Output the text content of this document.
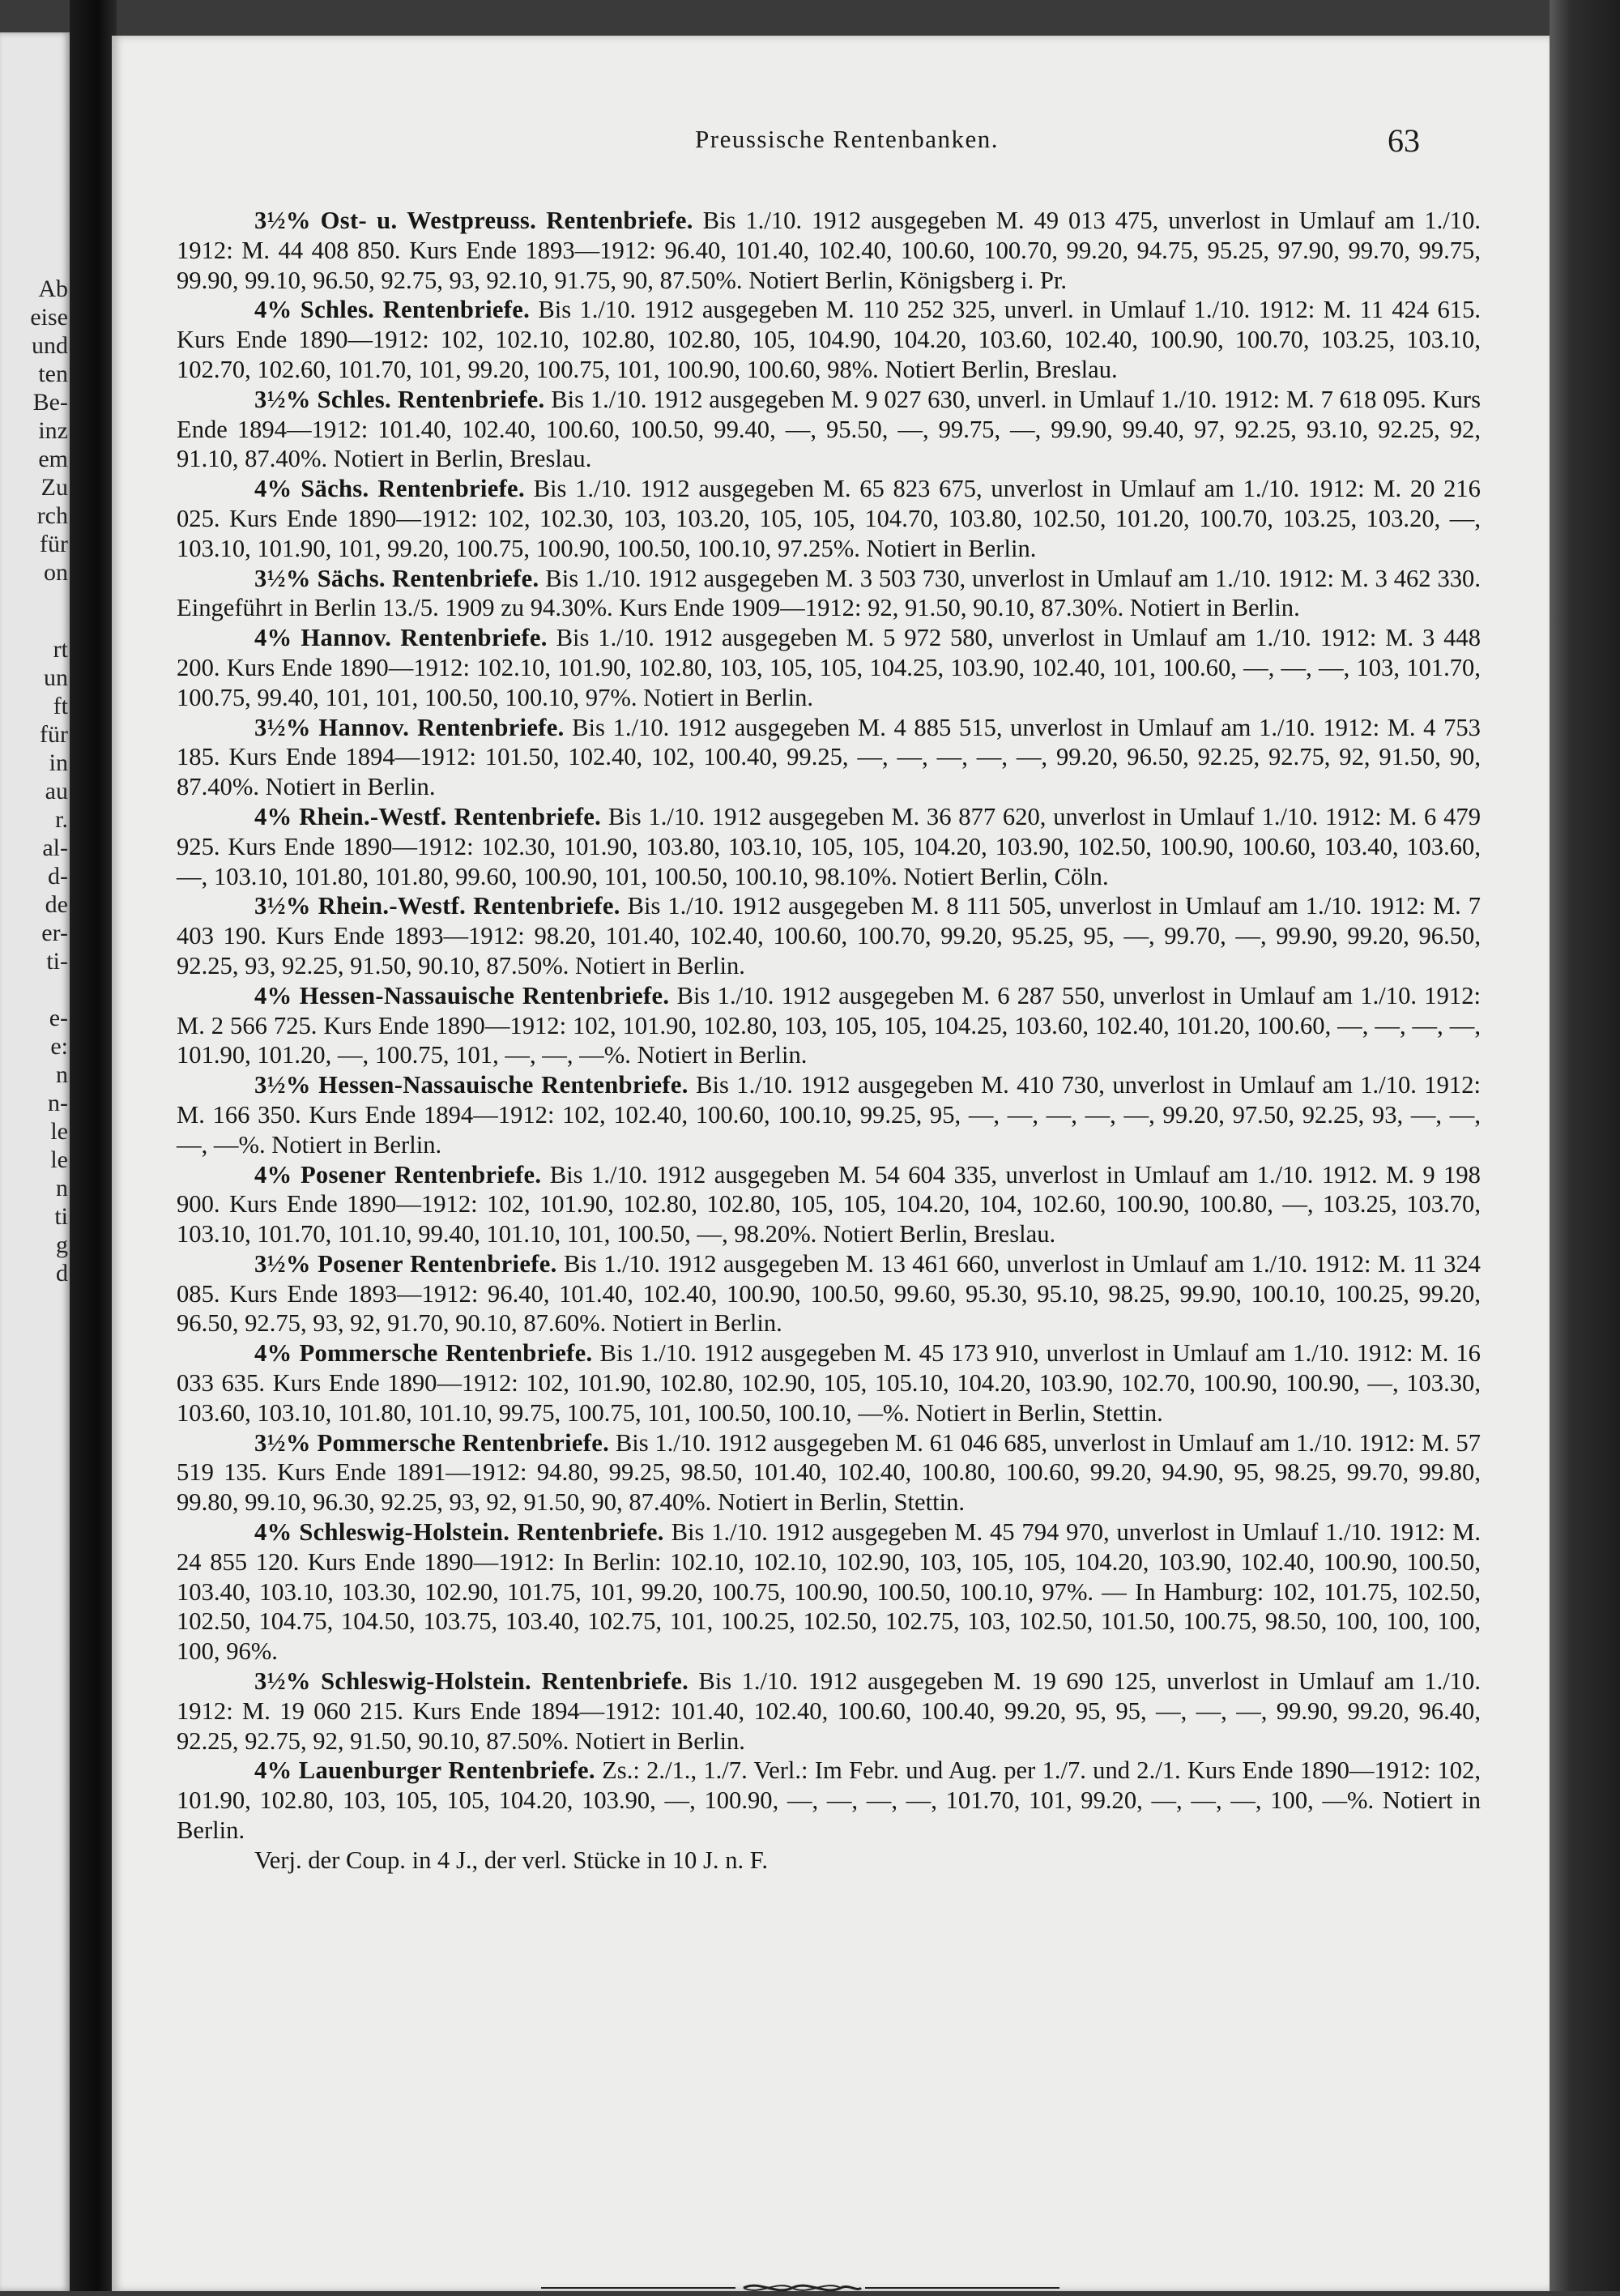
Ab
eise
und
ten
Be-
inz
em
Zu
rch
für
on
rt
un
ft
für
in
au
r.
al-
d-
de
er-
ti-
e-
e:
n
n-
le
le
n
ti
g
d
Preussische Rentenbanken.	63

3½% Ost- u. Westpreuss. Rentenbriefe. Bis 1./10. 1912 ausgegeben M. 49 013 475, unverlost in Umlauf am 1./10. 1912: M. 44 408 850. Kurs Ende 1893—1912: 96.40, 101.40, 102.40, 100.60, 100.70, 99.20, 94.75, 95.25, 97.90, 99.70, 99.75, 99.90, 99.10, 96.50, 92.75, 93, 92.10, 91.75, 90, 87.50%. Notiert Berlin, Königsberg i. Pr.

4% Schles. Rentenbriefe. Bis 1./10. 1912 ausgegeben M. 110 252 325, unverl. in Umlauf 1./10. 1912: M. 11 424 615. Kurs Ende 1890—1912: 102, 102.10, 102.80, 102.80, 105, 104.90, 104.20, 103.60, 102.40, 100.90, 100.70, 103.25, 103.10, 102.70, 102.60, 101.70, 101, 99.20, 100.75, 101, 100.90, 100.60, 98%. Notiert Berlin, Breslau.

3½% Schles. Rentenbriefe. Bis 1./10. 1912 ausgegeben M. 9 027 630, unverl. in Umlauf 1./10. 1912: M. 7 618 095. Kurs Ende 1894—1912: 101.40, 102.40, 100.60, 100.50, 99.40, —, 95.50, —, 99.75, —, 99.90, 99.40, 97, 92.25, 93.10, 92.25, 92, 91.10, 87.40%. Notiert in Berlin, Breslau.

4% Sächs. Rentenbriefe. Bis 1./10. 1912 ausgegeben M. 65 823 675, unverlost in Umlauf am 1./10. 1912: M. 20 216 025. Kurs Ende 1890—1912: 102, 102.30, 103, 103.20, 105, 105, 104.70, 103.80, 102.50, 101.20, 100.70, 103.25, 103.20, —, 103.10, 101.90, 101, 99.20, 100.75, 100.90, 100.50, 100.10, 97.25%. Notiert in Berlin.

3½% Sächs. Rentenbriefe. Bis 1./10. 1912 ausgegeben M. 3 503 730, unverlost in Umlauf am 1./10. 1912: M. 3 462 330. Eingeführt in Berlin 13./5. 1909 zu 94.30%. Kurs Ende 1909—1912: 92, 91.50, 90.10, 87.30%. Notiert in Berlin.

4% Hannov. Rentenbriefe. Bis 1./10. 1912 ausgegeben M. 5 972 580, unverlost in Umlauf am 1./10. 1912: M. 3 448 200. Kurs Ende 1890—1912: 102.10, 101.90, 102.80, 103, 105, 105, 104.25, 103.90, 102.40, 101, 100.60, —, —, —, 103, 101.70, 100.75, 99.40, 101, 101, 100.50, 100.10, 97%. Notiert in Berlin.

3½% Hannov. Rentenbriefe. Bis 1./10. 1912 ausgegeben M. 4 885 515, unverlost in Umlauf am 1./10. 1912: M. 4 753 185. Kurs Ende 1894—1912: 101.50, 102.40, 102, 100.40, 99.25, —, —, —, —, —, 99.20, 96.50, 92.25, 92.75, 92, 91.50, 90, 87.40%. Notiert in Berlin.

4% Rhein.-Westf. Rentenbriefe. Bis 1./10. 1912 ausgegeben M. 36 877 620, unverlost in Umlauf 1./10. 1912: M. 6 479 925. Kurs Ende 1890—1912: 102.30, 101.90, 103.80, 103.10, 105, 105, 104.20, 103.90, 102.50, 100.90, 100.60, 103.40, 103.60, —, 103.10, 101.80, 101.80, 99.60, 100.90, 101, 100.50, 100.10, 98.10%. Notiert Berlin, Cöln.

3½% Rhein.-Westf. Rentenbriefe. Bis 1./10. 1912 ausgegeben M. 8 111 505, unverlost in Umlauf am 1./10. 1912: M. 7 403 190. Kurs Ende 1893—1912: 98.20, 101.40, 102.40, 100.60, 100.70, 99.20, 95.25, 95, —, 99.70, —, 99.90, 99.20, 96.50, 92.25, 93, 92.25, 91.50, 90.10, 87.50%. Notiert in Berlin.

4% Hessen-Nassauische Rentenbriefe. Bis 1./10. 1912 ausgegeben M. 6 287 550, unverlost in Umlauf am 1./10. 1912: M. 2 566 725. Kurs Ende 1890—1912: 102, 101.90, 102.80, 103, 105, 105, 104.25, 103.60, 102.40, 101.20, 100.60, —, —, —, —, 101.90, 101.20, —, 100.75, 101, —, —, —%. Notiert in Berlin.

3½% Hessen-Nassauische Rentenbriefe. Bis 1./10. 1912 ausgegeben M. 410 730, unverlost in Umlauf am 1./10. 1912: M. 166 350. Kurs Ende 1894—1912: 102, 102.40, 100.60, 100.10, 99.25, 95, —, —, —, —, —, 99.20, 97.50, 92.25, 93, —, —, —, —%. Notiert in Berlin.

4% Posener Rentenbriefe. Bis 1./10. 1912 ausgegeben M. 54 604 335, unverlost in Umlauf am 1./10. 1912. M. 9 198 900. Kurs Ende 1890—1912: 102, 101.90, 102.80, 102.80, 105, 105, 104.20, 104, 102.60, 100.90, 100.80, —, 103.25, 103.70, 103.10, 101.70, 101.10, 99.40, 101.10, 101, 100.50, —, 98.20%. Notiert Berlin, Breslau.

3½% Posener Rentenbriefe. Bis 1./10. 1912 ausgegeben M. 13 461 660, unverlost in Umlauf am 1./10. 1912: M. 11 324 085. Kurs Ende 1893—1912: 96.40, 101.40, 102.40, 100.90, 100.50, 99.60, 95.30, 95.10, 98.25, 99.90, 100.10, 100.25, 99.20, 96.50, 92.75, 93, 92, 91.70, 90.10, 87.60%. Notiert in Berlin.

4% Pommersche Rentenbriefe. Bis 1./10. 1912 ausgegeben M. 45 173 910, unverlost in Umlauf am 1./10. 1912: M. 16 033 635. Kurs Ende 1890—1912: 102, 101.90, 102.80, 102.90, 105, 105.10, 104.20, 103.90, 102.70, 100.90, 100.90, —, 103.30, 103.60, 103.10, 101.80, 101.10, 99.75, 100.75, 101, 100.50, 100.10, —%. Notiert in Berlin, Stettin.

3½% Pommersche Rentenbriefe. Bis 1./10. 1912 ausgegeben M. 61 046 685, unverlost in Umlauf am 1./10. 1912: M. 57 519 135. Kurs Ende 1891—1912: 94.80, 99.25, 98.50, 101.40, 102.40, 100.80, 100.60, 99.20, 94.90, 95, 98.25, 99.70, 99.80, 99.80, 99.10, 96.30, 92.25, 93, 92, 91.50, 90, 87.40%. Notiert in Berlin, Stettin.

4% Schleswig-Holstein. Rentenbriefe. Bis 1./10. 1912 ausgegeben M. 45 794 970, unverlost in Umlauf 1./10. 1912: M. 24 855 120. Kurs Ende 1890—1912: In Berlin: 102.10, 102.10, 102.90, 103, 105, 105, 104.20, 103.90, 102.40, 100.90, 100.50, 103.40, 103.10, 103.30, 102.90, 101.75, 101, 99.20, 100.75, 100.90, 100.50, 100.10, 97%. — In Hamburg: 102, 101.75, 102.50, 102.50, 104.75, 104.50, 103.75, 103.40, 102.75, 101, 100.25, 102.50, 102.75, 103, 102.50, 101.50, 100.75, 98.50, 100, 100, 100, 100, 96%.

3½% Schleswig-Holstein. Rentenbriefe. Bis 1./10. 1912 ausgegeben M. 19 690 125, unverlost in Umlauf am 1./10. 1912: M. 19 060 215. Kurs Ende 1894—1912: 101.40, 102.40, 100.60, 100.40, 99.20, 95, 95, —, —, —, 99.90, 99.20, 96.40, 92.25, 92.75, 92, 91.50, 90.10, 87.50%. Notiert in Berlin.

4% Lauenburger Rentenbriefe. Zs.: 2./1., 1./7. Verl.: Im Febr. und Aug. per 1./7. und 2./1. Kurs Ende 1890—1912: 102, 101.90, 102.80, 103, 105, 105, 104.20, 103.90, —, 100.90, —, —, —, —, 101.70, 101, 99.20, —, —, —, 100, —%. Notiert in Berlin.

Verj. der Coup. in 4 J., der verl. Stücke in 10 J. n. F.
